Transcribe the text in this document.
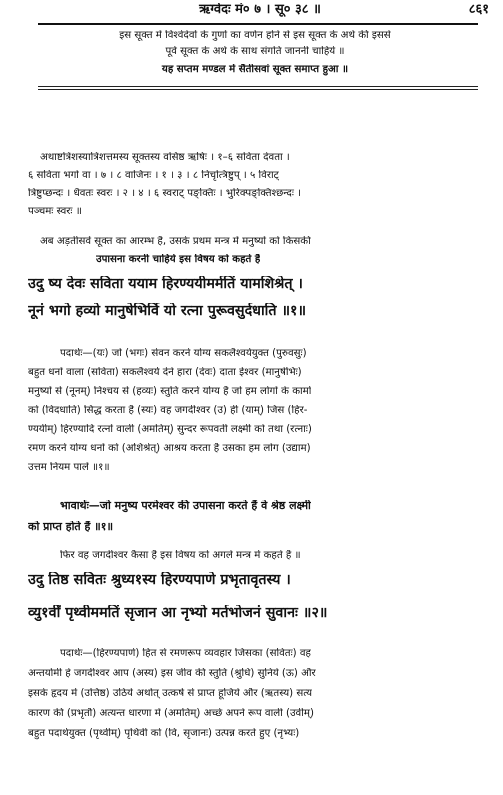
ऋग्वेदः मं० ७ । सू० ३८ ॥	८६१
इस सूक्त में विश्वेदेवों के गुणों का वर्णन होने से इस सूक्त के अर्थ की इससे
पूर्व सूक्त के अर्थ के साथ संगति जाननी चाहिये ॥
यह सप्तम मण्डल में सैंतीसवां सूक्त समाप्त हुआ ॥
अथाष्टत्रिंशस्यात्रिंशत्तमस्य सूक्तस्य वसिष्ठ ऋषिः । १–६ सविता देवता ।
६ सविता भगो वा । ७ । ८ वाजिनः । १ । ३ । ८ निचृत्त्रिष्टुप् । ५ विराट्
त्रिष्टुप्छन्दः । धैवतः स्वरः । २ । ४ । ६ स्वराट् पङ्क्तिः । भुरिक्पङ्क्तिश्छन्दः ।
पञ्चमः स्वरः ॥
अब अड़तीसवें सूक्त का आरम्भ है, उसके प्रथम मन्त्र में मनुष्यों को किसकी
उपासना करनी चाहिये इस विषय को कहते हैं
उदु ष्य देवः सविता ययाम हिरण्ययीमर्मतिं यामशिश्रेत् ।
नूनं भगो हव्यो मानुषेभिर्वि यो रत्ना पुरूवसुर्दधाति ॥१॥
पदार्थः—(यः) जो (भगः) सेवन करने योग्य सकलैश्वर्ययुक्त (पुरुवसुः)
बहुत धनों वाला (सविता) सकलैश्वर्य देने हारा (देवः) दाता ईश्वर (मानुषेभिः)
मनुष्यों से (नूनम्) निश्चय से (हव्यः) स्तुति करने योग्य है जो हम लोगों के कामों
को (विदधाति) सिद्ध करता है (स्यः) वह जगदीश्वर (उ) ही (याम्) जिस (हिर-
ण्ययीम्) हिरण्यादि रत्नों वाली (अमतिम्) सुन्दर रूपवती लक्ष्मी को तथा (रत्नाः)
रमण करने योग्य धनों को (अशिश्रेत्) आश्रय करता है उसका हम लोग (उद्याम)
उत्तम नियम पालें ॥१॥
भावार्थः—जो मनुष्य परमेश्वर की उपासना करते हैं वे श्रेष्ठ लक्ष्मी
को प्राप्त होते हैं ॥१॥
फिर वह जगदीश्वर कैसा है इस विषय को अगले मन्त्र में कहते हैं ॥
उदु तिष्ठ सवितः श्रुध्य१स्य हिरण्यपाणे प्रभृतावृतस्य ।
व्यु१र्वीं पृथ्वीममतिं सृजान आ नृभ्यो मर्तभोजनं सुवानः ॥२॥
पदार्थः—(हिरण्यपाणे) हित से रमणरूप व्यवहार जिसका (सवितः) वह
अन्तर्यामी हे जगदीश्वर आप (अस्य) इस जीव की स्तुति (श्रुधि) सुनिये (ऊ) और
इसके हृदय में (उत्तिष्ठ) उठिये अर्थात् उत्कर्ष से प्राप्त हूजिये और (ऋतस्य) सत्य
कारण की (प्रभृतौ) अत्यन्त धारणा में (अमतिम्) अच्छे अपने रूप वाली (उर्वीम्)
बहुत पदार्थयुक्त (पृथ्वीम्) पृथिवी को (वि, सृजानः) उत्पन्न करते हुए (नृभ्यः)
